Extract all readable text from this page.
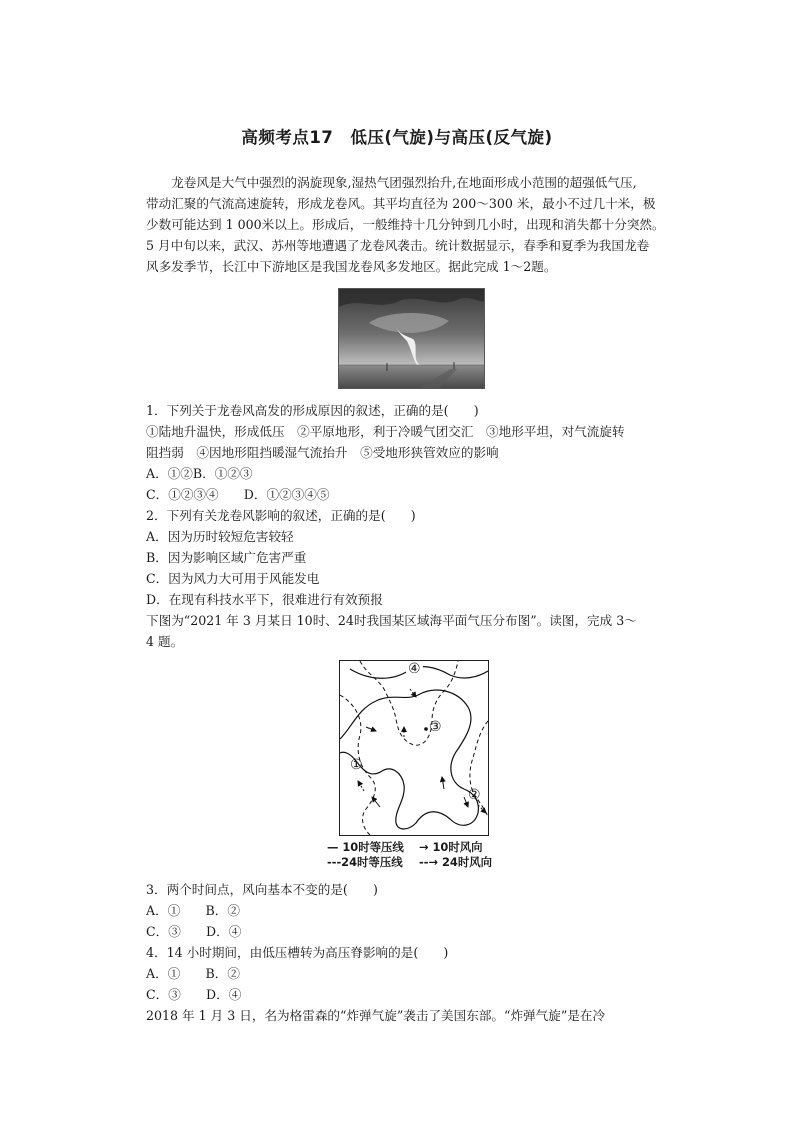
高频考点17　低压(气旋)与高压(反气旋)
　　龙卷风是大气中强烈的涡旋现象,湿热气团强烈抬升,在地面形成小范围的超强低气压,
带动汇聚的气流高速旋转，形成龙卷风。其平均直径为 200～300 米，最小不过几十米，极
少数可能达到 1 000米以上。形成后，一般维持十几分钟到几小时，出现和消失都十分突然。
5 月中旬以来，武汉、苏州等地遭遇了龙卷风袭击。统计数据显示，春季和夏季为我国龙卷
风多发季节，长江中下游地区是我国龙卷风多发地区。据此完成 1～2题。
1．下列关于龙卷风高发的形成原因的叙述，正确的是(　　)
①陆地升温快，形成低压　②平原地形，利于冷暖气团交汇　③地形平坦，对气流旋转
阻挡弱　④因地形阻挡暖湿气流抬升　⑤受地形狭管效应的影响
A．①②B．①②③
C．①②③④　　D．①②③④⑤
2．下列有关龙卷风影响的叙述，正确的是(　　)
A．因为历时较短危害较轻
B．因为影响区域广危害严重
C．因为风力大可用于风能发电
D．在现有科技水平下，很难进行有效预报
下图为“2021 年 3 月某日 10时、24时我国某区域海平面气压分布图”。读图，完成 3～
4 题。
①
②
③
④
— 10时等压线	→ 10时风向
---24时等压线	--→ 24时风向
3．两个时间点，风向基本不变的是(　　)
A．①　　B．②
C．③　　D．④
4．14 小时期间，由低压槽转为高压脊影响的是(　　)
A．①　　B．②
C．③　　D．④
2018 年 1 月 3 日，名为格雷森的“炸弹气旋”袭击了美国东部。“炸弹气旋”是在冷
